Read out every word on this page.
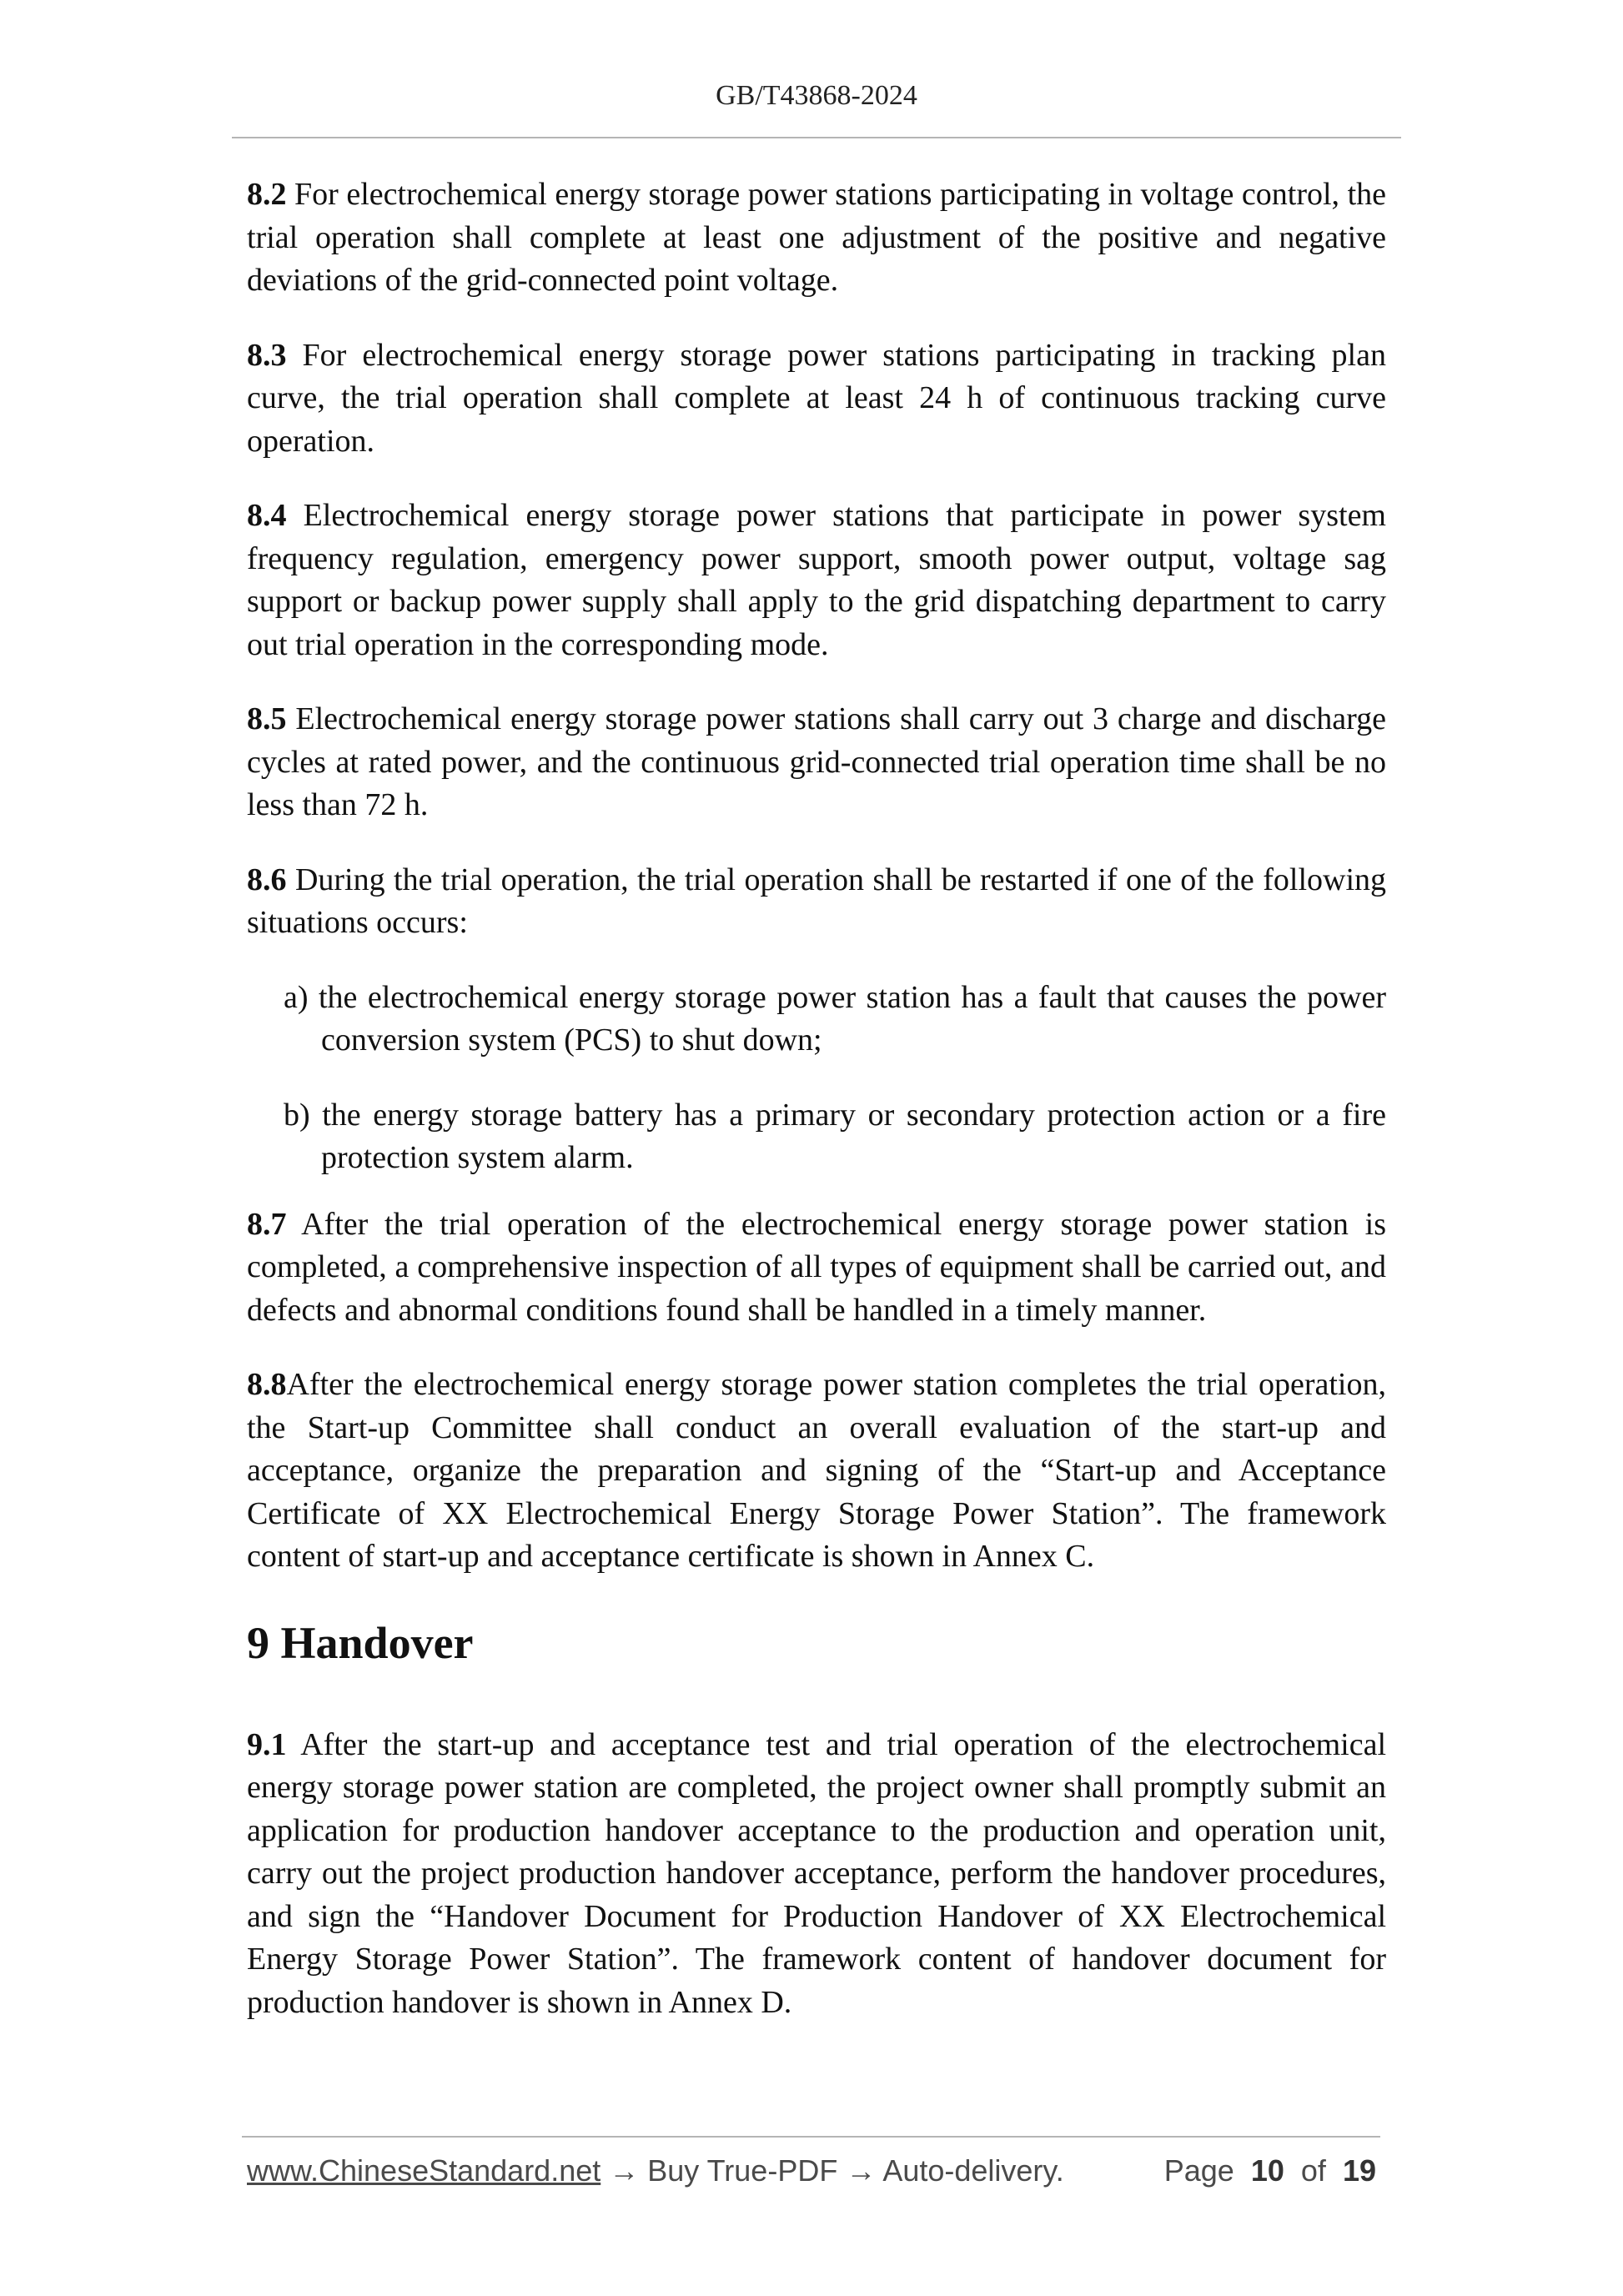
GB/T43868-2024

8.2 For electrochemical energy storage power stations participating in voltage control, the trial operation shall complete at least one adjustment of the positive and negative deviations of the grid-connected point voltage.

8.3 For electrochemical energy storage power stations participating in tracking plan curve, the trial operation shall complete at least 24 h of continuous tracking curve operation.

8.4 Electrochemical energy storage power stations that participate in power system frequency regulation, emergency power support, smooth power output, voltage sag support or backup power supply shall apply to the grid dispatching department to carry out trial operation in the corresponding mode.

8.5 Electrochemical energy storage power stations shall carry out 3 charge and discharge cycles at rated power, and the continuous grid-connected trial operation time shall be no less than 72 h.

8.6 During the trial operation, the trial operation shall be restarted if one of the following situations occurs:

a) the electrochemical energy storage power station has a fault that causes the power conversion system (PCS) to shut down;

b) the energy storage battery has a primary or secondary protection action or a fire protection system alarm.

8.7 After the trial operation of the electrochemical energy storage power station is completed, a comprehensive inspection of all types of equipment shall be carried out, and defects and abnormal conditions found shall be handled in a timely manner.

8.8After the electrochemical energy storage power station completes the trial operation, the Start-up Committee shall conduct an overall evaluation of the start-up and acceptance, organize the preparation and signing of the “Start-up and Acceptance Certificate of XX Electrochemical Energy Storage Power Station”. The framework content of start-up and acceptance certificate is shown in Annex C.

9 Handover

9.1 After the start-up and acceptance test and trial operation of the electrochemical energy storage power station are completed, the project owner shall promptly submit an application for production handover acceptance to the production and operation unit, carry out the project production handover acceptance, perform the handover procedures, and sign the “Handover Document for Production Handover of XX Electrochemical Energy Storage Power Station”. The framework content of handover document for production handover is shown in Annex D.

www.ChineseStandard.net → Buy True-PDF → Auto-delivery.	Page 10 of 19
